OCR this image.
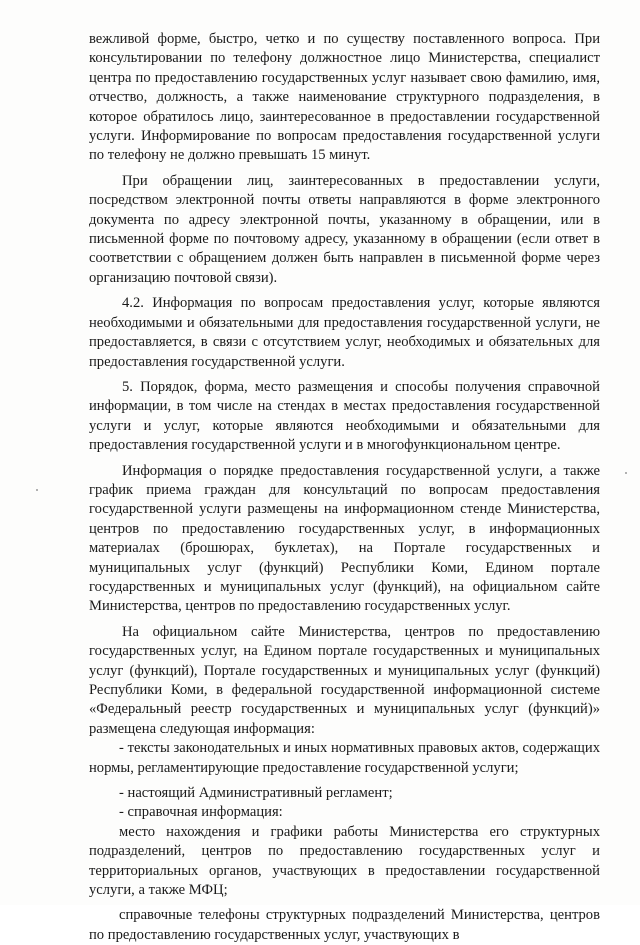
вежливой форме, быстро, четко и по существу поставленного вопроса. При консультировании по телефону должностное лицо Министерства, специалист центра по предоставлению государственных услуг называет свою фамилию, имя, отчество, должность, а также наименование структурного подразделения, в которое обратилось лицо, заинтересованное в предоставлении государственной услуги. Информирование по вопросам предоставления государственной услуги по телефону не должно превышать 15 минут.

При обращении лиц, заинтересованных в предоставлении услуги, посредством электронной почты ответы направляются в форме электронного документа по адресу электронной почты, указанному в обращении, или в письменной форме по почтовому адресу, указанному в обращении (если ответ в соответствии с обращением должен быть направлен в письменной форме через организацию почтовой связи).

4.2. Информация по вопросам предоставления услуг, которые являются необходимыми и обязательными для предоставления государственной услуги, не предоставляется, в связи с отсутствием услуг, необходимых и обязательных для предоставления государственной услуги.

5. Порядок, форма, место размещения и способы получения справочной информации, в том числе на стендах в местах предоставления государственной услуги и услуг, которые являются необходимыми и обязательными для предоставления государственной услуги и в многофункциональном центре.

Информация о порядке предоставления государственной услуги, а также график приема граждан для консультаций по вопросам предоставления государственной услуги размещены на информационном стенде Министерства, центров по предоставлению государственных услуг, в информационных материалах (брошюрах, буклетах), на Портале государственных и муниципальных услуг (функций) Республики Коми, Едином портале государственных и муниципальных услуг (функций), на официальном сайте Министерства, центров по предоставлению государственных услуг.

На официальном сайте Министерства, центров по предоставлению государственных услуг, на Едином портале государственных и муниципальных услуг (функций), Портале государственных и муниципальных услуг (функций) Республики Коми, в федеральной государственной информационной системе «Федеральный реестр государственных и муниципальных услуг (функций)» размещена следующая информация:

- тексты законодательных и иных нормативных правовых актов, содержащих нормы, регламентирующие предоставление государственной услуги;

- настоящий Административный регламент;

- справочная информация:

место нахождения и графики работы Министерства его структурных подразделений, центров по предоставлению государственных услуг и территориальных органов, участвующих в предоставлении государственной услуги, а также МФЦ;

справочные телефоны структурных подразделений Министерства, центров по предоставлению государственных услуг, участвующих в
